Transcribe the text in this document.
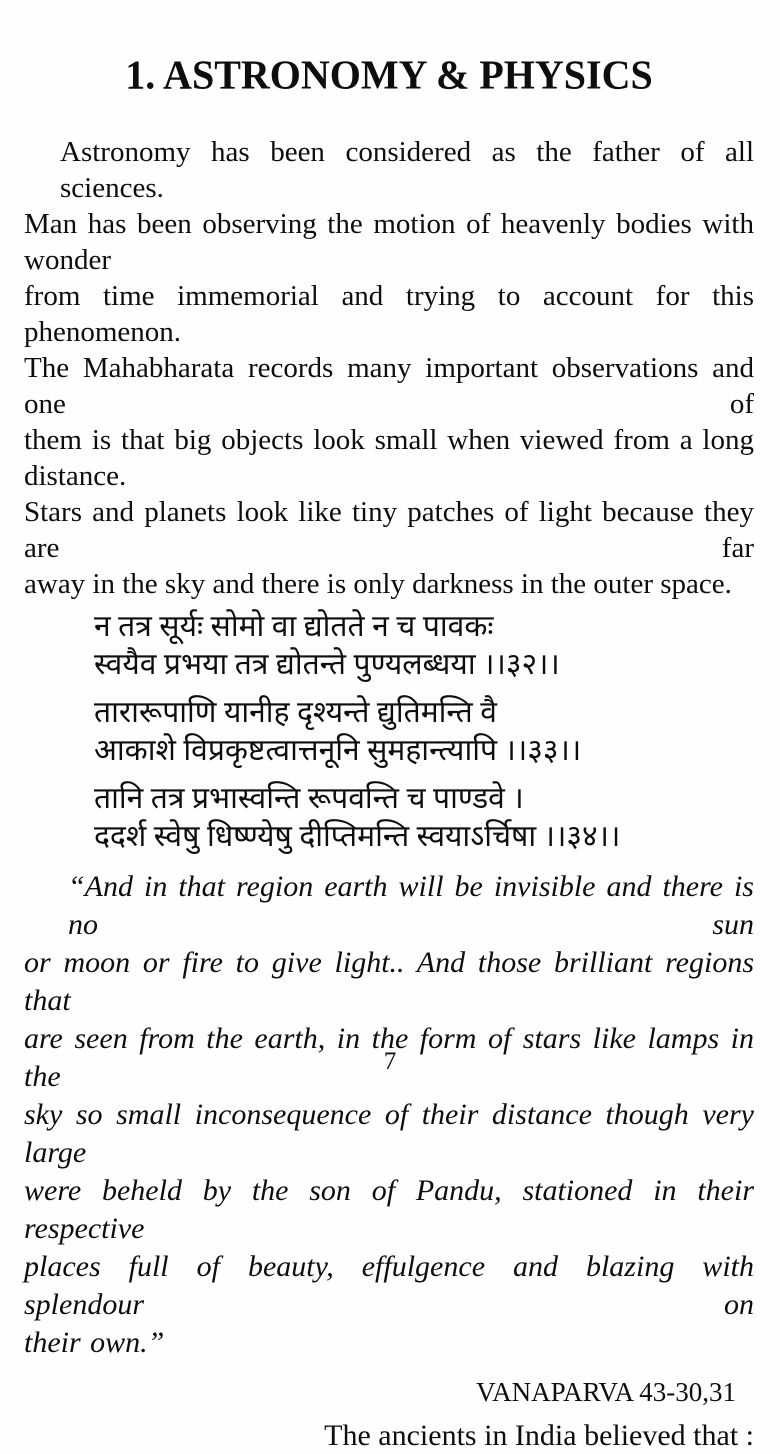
1. ASTRONOMY & PHYSICS
Astronomy has been considered as the father of all sciences.
Man has been observing the motion of heavenly bodies with wonder
from time immemorial and trying to account for this phenomenon.
The Mahabharata records many important observations and one of
them is that big objects look small when viewed from a long distance.
Stars and planets look like tiny patches of light because they are far
away in the sky and there is only darkness in the outer space.
न तत्र सूर्यः सोमो वा द्योतते न च पावकः
स्वयैव प्रभया तत्र द्योतन्ते पुण्यलब्धया ।।३२।।
तारारूपाणि यानीह दृश्यन्ते द्युतिमन्ति वै
आकाशे विप्रकृष्टत्वात्तनूनि सुमहान्त्यापि ।।३३।।
तानि तत्र प्रभास्वन्ति रूपवन्ति च पाण्डवे ।
ददर्श स्वेषु धिष्ण्येषु दीप्तिमन्ति स्वयाऽर्चिषा ।।३४।।
“And in that region earth will be invisible and there is no sun
or moon or fire to give light.. And those brilliant regions that
are seen from the earth, in the form of stars like lamps in the
sky so small inconsequence of their distance though very large
were beheld by the son of Pandu, stationed in their respective
places full of beauty, effulgence and blazing with splendour on
their own.”
VANAPARVA 43-30,31
The ancients in India believed that :
7
